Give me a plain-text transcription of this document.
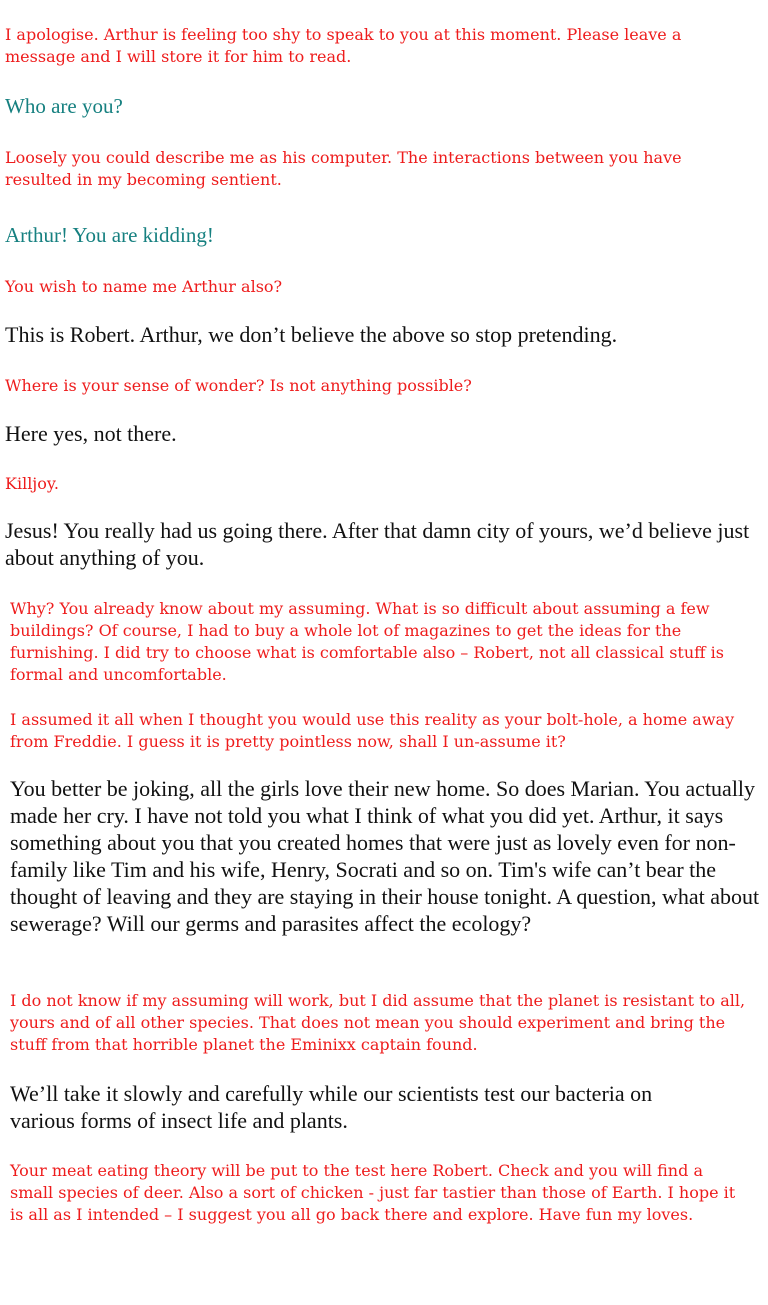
I apologise. Arthur is feeling too shy to speak to you at this moment. Please leave a message and I will store it for him to read.

Who are you?

Loosely you could describe me as his computer. The interactions between you have resulted in my becoming sentient.

Arthur! You are kidding!

You wish to name me Arthur also?

This is Robert. Arthur, we don’t believe the above so stop pretending.

Where is your sense of wonder? Is not anything possible?

Here yes, not there.

Killjoy.

Jesus! You really had us going there. After that damn city of yours, we’d believe just about anything of you.

Why? You already know about my assuming. What is so difficult about assuming a few buildings? Of course, I had to buy a whole lot of magazines to get the ideas for the furnishing. I did try to choose what is comfortable also – Robert, not all classical stuff is formal and uncomfortable.

I assumed it all when I thought you would use this reality as your bolt-hole, a home away from Freddie. I guess it is pretty pointless now, shall I un-assume it?

You better be joking, all the girls love their new home. So does Marian. You actually made her cry. I have not told you what I think of what you did yet. Arthur, it says something about you that you created homes that were just as lovely even for non-family like Tim and his wife, Henry, Socrati and so on. Tim's wife can’t bear the thought of leaving and they are staying in their house tonight. A question, what about sewerage? Will our germs and parasites affect the ecology?

I do not know if my assuming will work, but I did assume that the planet is resistant to all, yours and of all other species. That does not mean you should experiment and bring the stuff from that horrible planet the Eminixx captain found.

We’ll take it slowly and carefully while our scientists test our bacteria on various forms of insect life and plants.

Your meat eating theory will be put to the test here Robert. Check and you will find a small species of deer. Also a sort of chicken - just far tastier than those of Earth. I hope it is all as I intended – I suggest you all go back there and explore. Have fun my loves.
